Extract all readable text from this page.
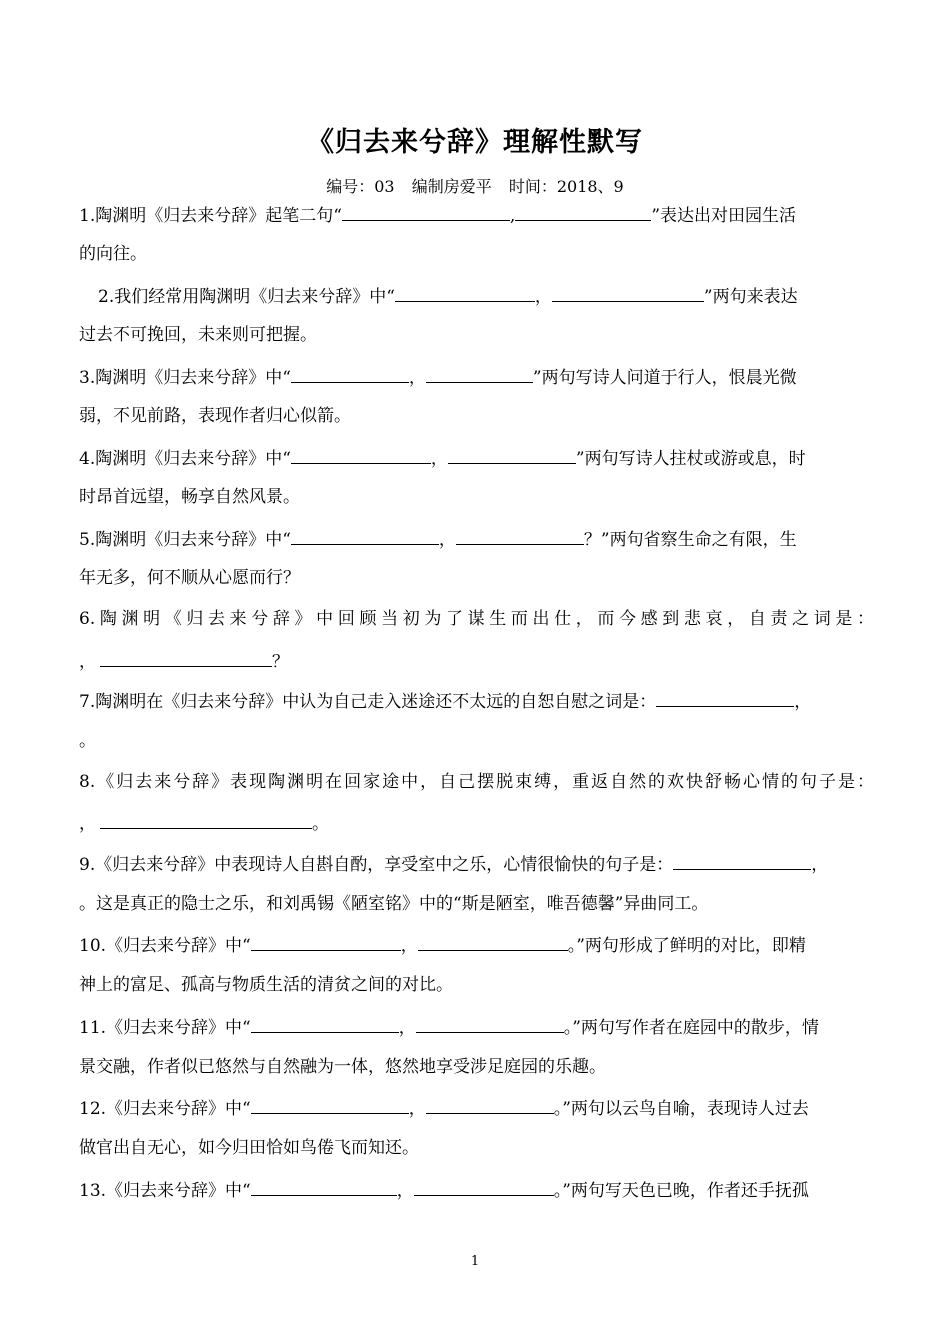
《归去来兮辞》理解性默写
编号：03 编制房爱平 时间：2018、9
1.陶渊明《归去来兮辞》起笔二句“	,	”表达出对田园生活
的向往。
2.我们经常用陶渊明《归去来兮辞》中“	，	”两句来表达
过去不可挽回，未来则可把握。
3.陶渊明《归去来兮辞》中“	，	”两句写诗人问道于行人，恨晨光微
弱，不见前路，表现作者归心似箭。
4.陶渊明《归去来兮辞》中“	，	”两句写诗人拄杖或游或息，时
时昂首远望，畅享自然风景。
5.陶渊明《归去来兮辞》中“	，	？”两句省察生命之有限，生
年无多，何不顺从心愿而行？
6.陶渊明《归去来兮辞》中回顾当初为了谋生而出仕，而今感到悲哀，自责之词是：
，	？
7.陶渊明在《归去来兮辞》中认为自己走入迷途还不太远的自恕自慰之词是：	，
。
8.《归去来兮辞》表现陶渊明在回家途中，自己摆脱束缚，重返自然的欢快舒畅心情的句子是：
，	。
9.《归去来兮辞》中表现诗人自斟自酌，享受室中之乐，心情很愉快的句子是：	，
。这是真正的隐士之乐，和刘禹锡《陋室铭》中的“斯是陋室，唯吾德馨”异曲同工。
10.《归去来兮辞》中“	，	。”两句形成了鲜明的对比，即精
神上的富足、孤高与物质生活的清贫之间的对比。
11.《归去来兮辞》中“	，	。”两句写作者在庭园中的散步，情
景交融，作者似已悠然与自然融为一体，悠然地享受涉足庭园的乐趣。
12.《归去来兮辞》中“	，	。”两句以云鸟自喻，表现诗人过去
做官出自无心，如今归田恰如鸟倦飞而知还。
13.《归去来兮辞》中“	，	。”两句写天色已晚，作者还手抚孤
1
